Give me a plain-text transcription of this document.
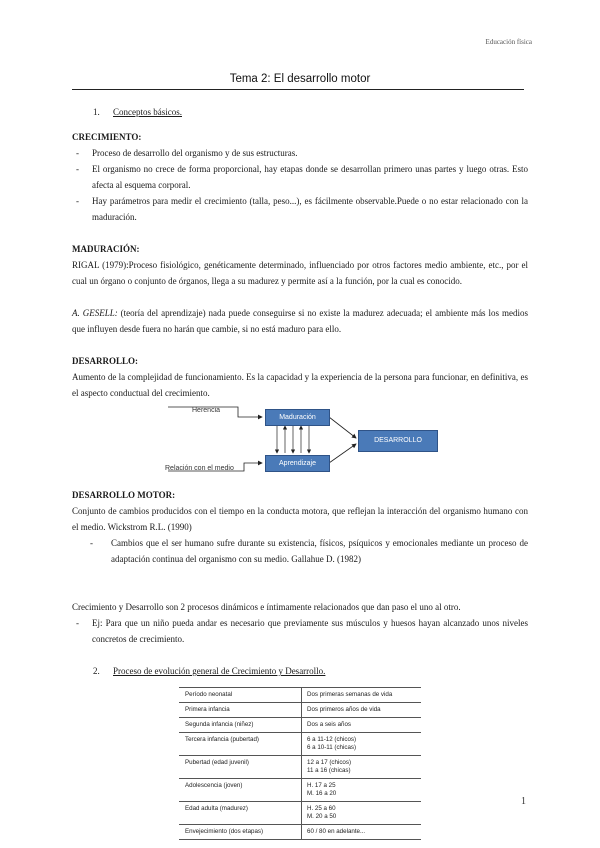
Educación física
Tema 2: El desarrollo motor

1. Conceptos básicos.

CRECIMIENTO:

- Proceso de desarrollo del organismo y de sus estructuras.
- El organismo no crece de forma proporcional, hay etapas donde se desarrollan primero unas partes y luego otras. Esto afecta al esquema corporal.
- Hay parámetros para medir el crecimiento (talla, peso...), es fácilmente observable.Puede o no estar relacionado con la maduración.

MADURACIÓN:

RIGAL (1979):Proceso fisiológico, genéticamente determinado, influenciado por otros factores medio ambiente, etc., por el cual un órgano o conjunto de órganos, llega a su madurez y permite así a la función, por la cual es conocido.

A. GESELL: (teoría del aprendizaje) nada puede conseguirse si no existe la madurez adecuada; el ambiente más los medios que influyen desde fuera no harán que cambie, si no está maduro para ello.

DESARROLLO:

Aumento de la complejidad de funcionamiento. Es la capacidad y la experiencia de la persona para funcionar, en definitiva, es el aspecto conductual del crecimiento.

Herencia
Relación con el medio
Maduración
Aprendizaje
DESARROLLO

DESARROLLO MOTOR:

Conjunto de cambios producidos con el tiempo en la conducta motora, que reflejan la interacción del organismo humano con el medio. Wickstrom R.L. (1990)

- Cambios que el ser humano sufre durante su existencia, físicos, psíquicos y emocionales mediante un proceso de adaptación continua del organismo con su medio. Gallahue D. (1982)

Crecimiento y Desarrollo son 2 procesos dinámicos e íntimamente relacionados que dan paso el uno al otro.

- Ej: Para que un niño pueda andar es necesario que previamente sus músculos y huesos hayan alcanzado unos niveles concretos de crecimiento.

2. Proceso de evolución general de Crecimiento y Desarrollo.

Período neonatal	Dos primeras semanas de vida
Primera infancia	Dos primeros años de vida
Segunda infancia (niñez)	Dos a seis años
Tercera infancia (pubertad)	6 a 11-12 (chicos)
6 a 10-11 (chicas)
Pubertad (edad juvenil)	12 a 17 (chicos)
11 a 16 (chicas)
Adolescencia (joven)	H. 17 a 25
M. 16 a 20
Edad adulta (madurez)	H. 25 a 60
M. 20 a 50
Envejecimiento (dos etapas)	60 / 80 en adelante...
1
